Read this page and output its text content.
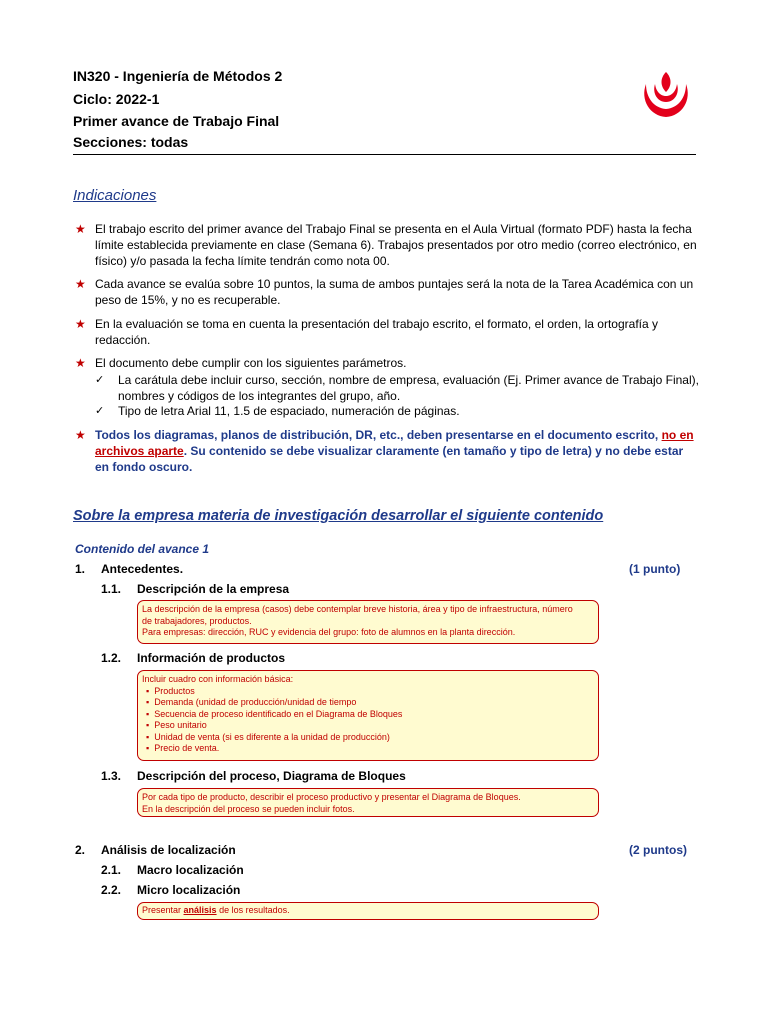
IN320 - Ingeniería de Métodos 2
Ciclo: 2022-1
Primer avance de Trabajo Final
Secciones: todas
Indicaciones
★ El trabajo escrito del primer avance del Trabajo Final se presenta en el Aula Virtual (formato PDF) hasta la fecha límite establecida previamente en clase (Semana 6). Trabajos presentados por otro medio (correo electrónico, en físico) y/o pasada la fecha límite tendrán como nota 00.
★ Cada avance se evalúa sobre 10 puntos, la suma de ambos puntajes será la nota de la Tarea Académica con un peso de 15%, y no es recuperable.
★ En la evaluación se toma en cuenta la presentación del trabajo escrito, el formato, el orden, la ortografía y redacción.
★ El documento debe cumplir con los siguientes parámetros.
✓ La carátula debe incluir curso, sección, nombre de empresa, evaluación (Ej. Primer avance de Trabajo Final), nombres y códigos de los integrantes del grupo, año.
✓ Tipo de letra Arial 11, 1.5 de espaciado, numeración de páginas.
★ Todos los diagramas, planos de distribución, DR, etc., deben presentarse en el documento escrito, no en archivos aparte. Su contenido se debe visualizar claramente (en tamaño y tipo de letra) y no debe estar en fondo oscuro.
Sobre la empresa materia de investigación desarrollar el siguiente contenido
Contenido del avance 1
1. Antecedentes.	(1 punto)
1.1. Descripción de la empresa
La descripción de la empresa (casos) debe contemplar breve historia, área y tipo de infraestructura, número
de trabajadores, productos.
Para empresas: dirección, RUC y evidencia del grupo: foto de alumnos en la planta dirección.
1.2. Información de productos
Incluir cuadro con información básica:
▪ Productos
▪ Demanda (unidad de producción/unidad de tiempo
▪ Secuencia de proceso identificado en el Diagrama de Bloques
▪ Peso unitario
▪ Unidad de venta (si es diferente a la unidad de producción)
▪ Precio de venta.
1.3. Descripción del proceso, Diagrama de Bloques
Por cada tipo de producto, describir el proceso productivo y presentar el Diagrama de Bloques.
En la descripción del proceso se pueden incluir fotos.
2. Análisis de localización	(2 puntos)
2.1. Macro localización
2.2. Micro localización
Presentar análisis de los resultados.
